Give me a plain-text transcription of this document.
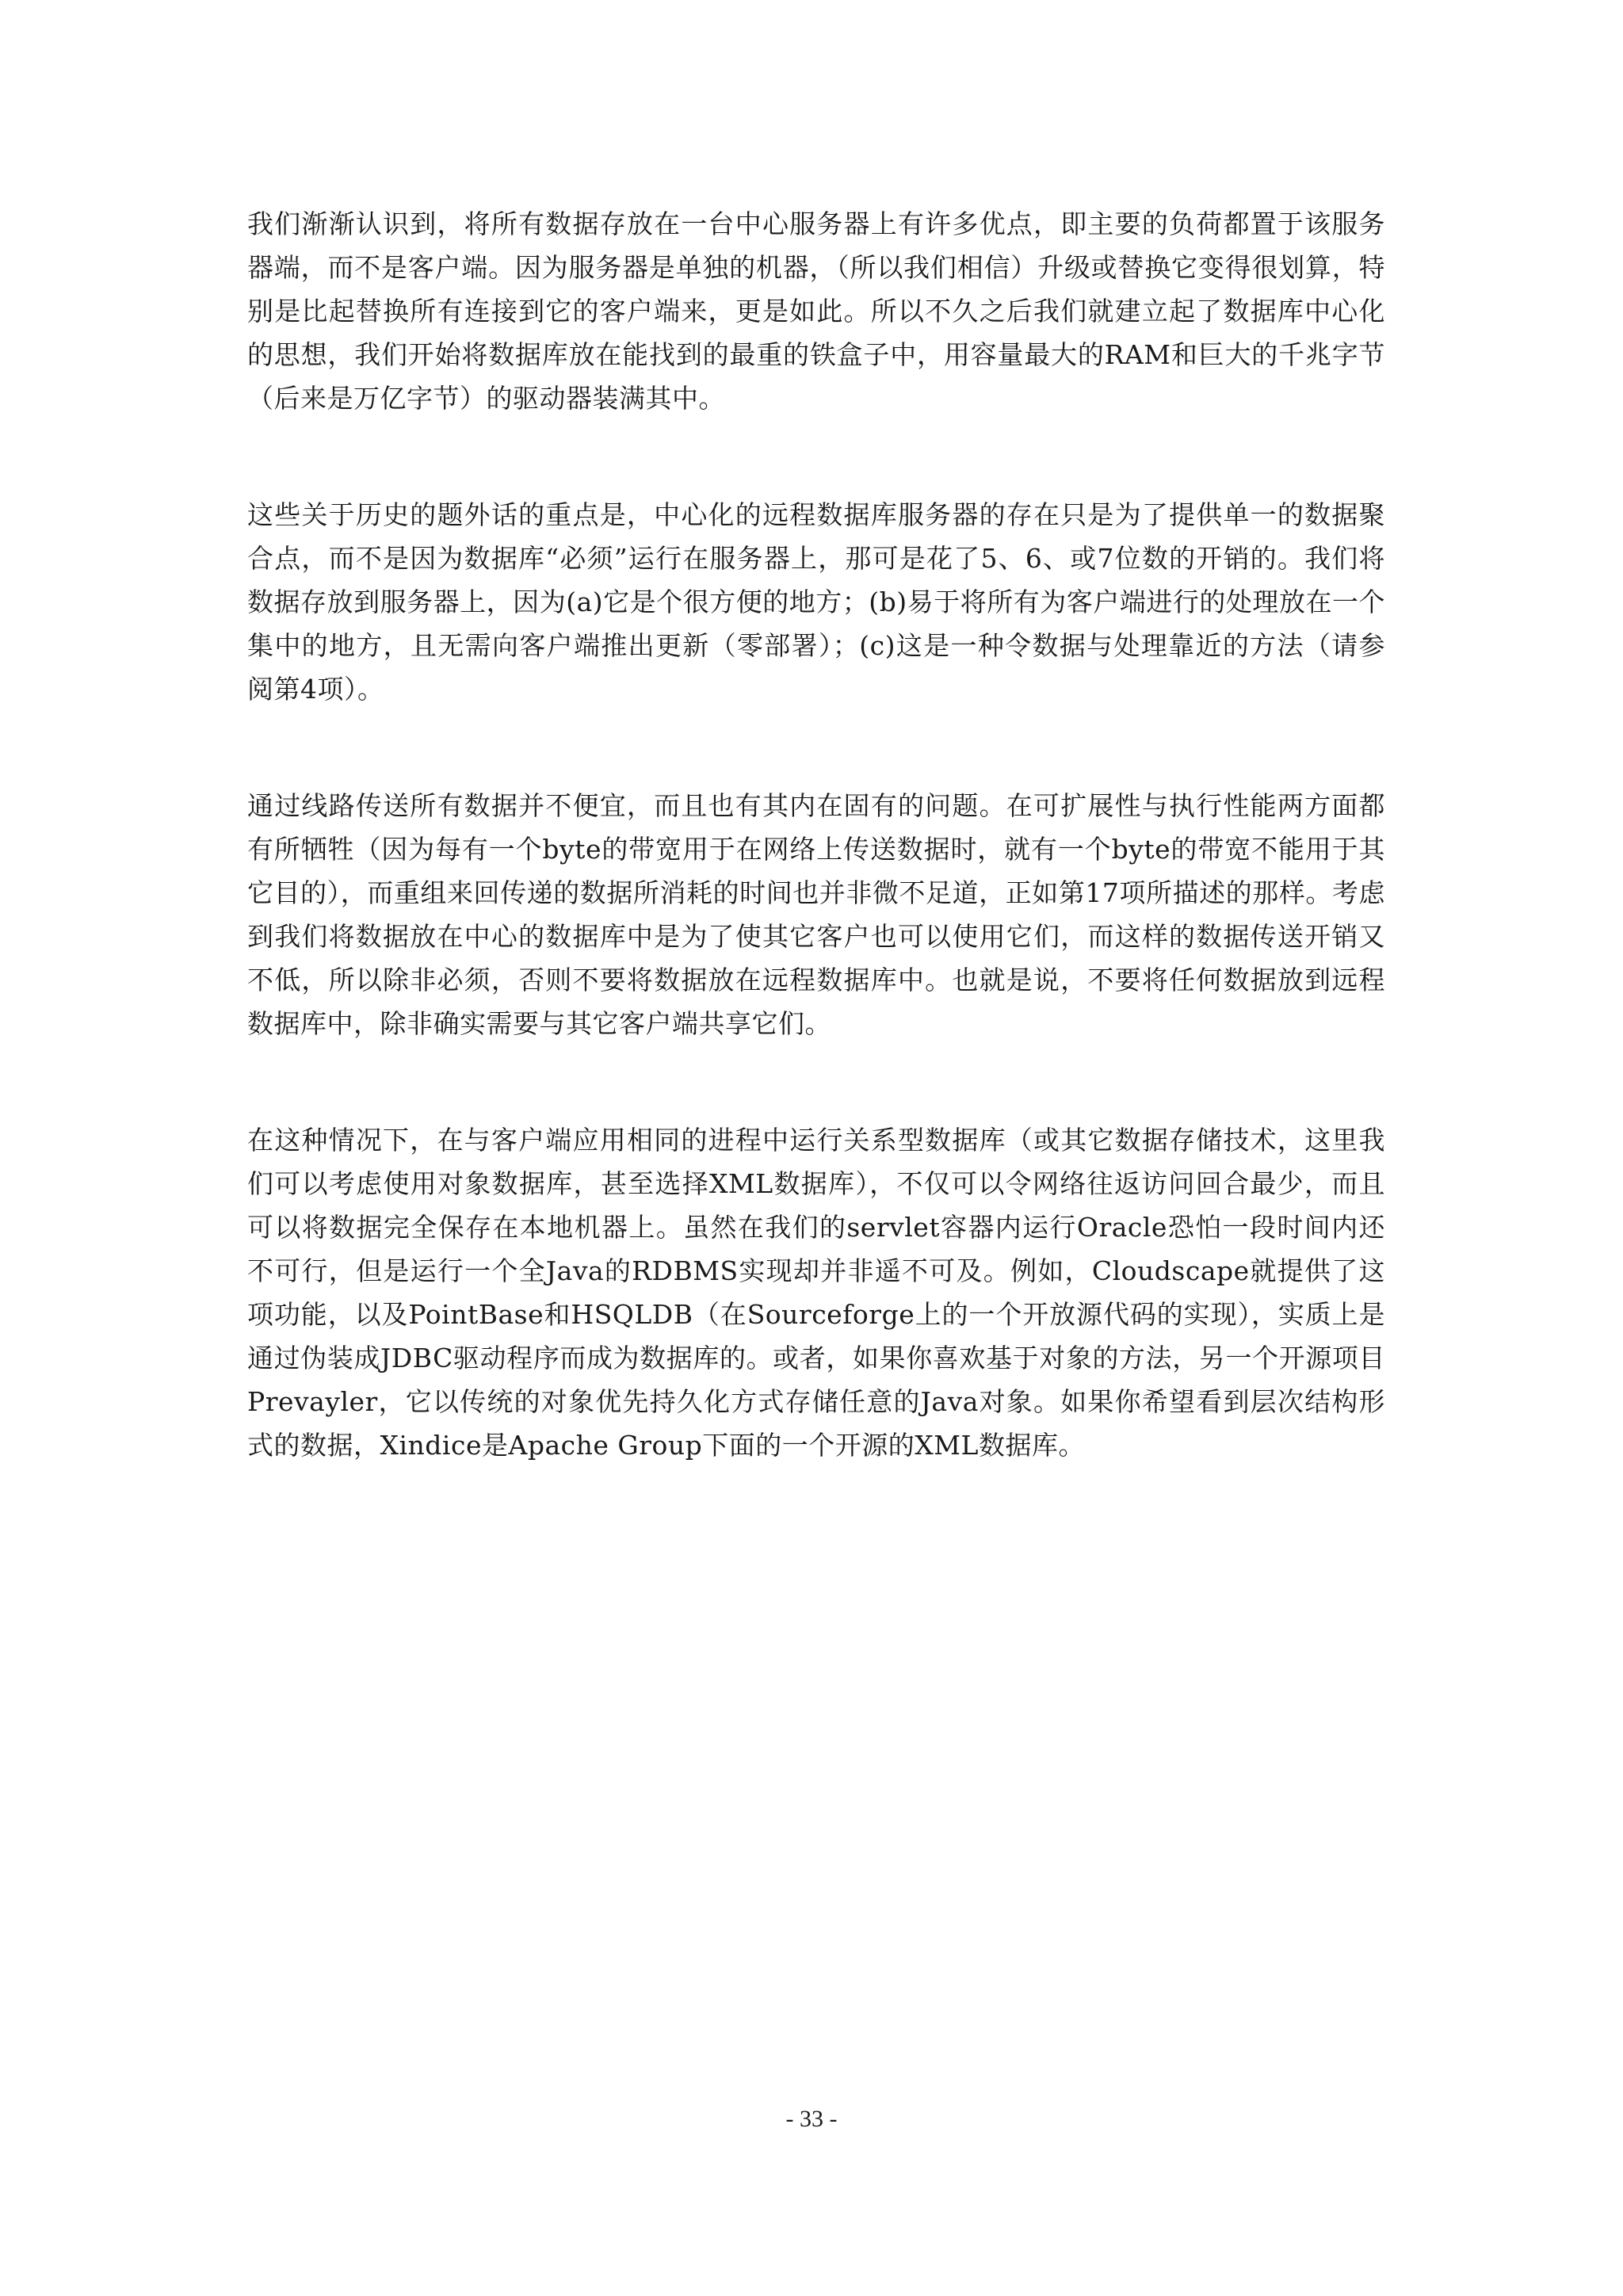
我们渐渐认识到，将所有数据存放在一台中心服务器上有许多优点，即主要的负荷都置于该服务器端，而不是客户端。因为服务器是单独的机器，（所以我们相信）升级或替换它变得很划算，特别是比起替换所有连接到它的客户端来，更是如此。所以不久之后我们就建立起了数据库中心化的思想，我们开始将数据库放在能找到的最重的铁盒子中，用容量最大的RAM和巨大的千兆字节（后来是万亿字节）的驱动器装满其中。

这些关于历史的题外话的重点是，中心化的远程数据库服务器的存在只是为了提供单一的数据聚合点，而不是因为数据库“必须”运行在服务器上，那可是花了5、6、或7位数的开销的。我们将数据存放到服务器上，因为(a)它是个很方便的地方；(b)易于将所有为客户端进行的处理放在一个集中的地方，且无需向客户端推出更新（零部署）；(c)这是一种令数据与处理靠近的方法（请参阅第4项）。

通过线路传送所有数据并不便宜，而且也有其内在固有的问题。在可扩展性与执行性能两方面都有所牺牲（因为每有一个byte的带宽用于在网络上传送数据时，就有一个byte的带宽不能用于其它目的），而重组来回传递的数据所消耗的时间也并非微不足道，正如第17项所描述的那样。考虑到我们将数据放在中心的数据库中是为了使其它客户也可以使用它们，而这样的数据传送开销又不低，所以除非必须，否则不要将数据放在远程数据库中。也就是说，不要将任何数据放到远程数据库中，除非确实需要与其它客户端共享它们。

在这种情况下，在与客户端应用相同的进程中运行关系型数据库（或其它数据存储技术，这里我们可以考虑使用对象数据库，甚至选择XML数据库），不仅可以令网络往返访问回合最少，而且可以将数据完全保存在本地机器上。虽然在我们的servlet容器内运行Oracle恐怕一段时间内还不可行，但是运行一个全Java的RDBMS实现却并非遥不可及。例如，Cloudscape就提供了这项功能，以及PointBase和HSQLDB（在Sourceforge上的一个开放源代码的实现），实质上是通过伪装成JDBC驱动程序而成为数据库的。或者，如果你喜欢基于对象的方法，另一个开源项目Prevayler，它以传统的对象优先持久化方式存储任意的Java对象。如果你希望看到层次结构形式的数据，Xindice是Apache Group下面的一个开源的XML数据库。

- 33 -
